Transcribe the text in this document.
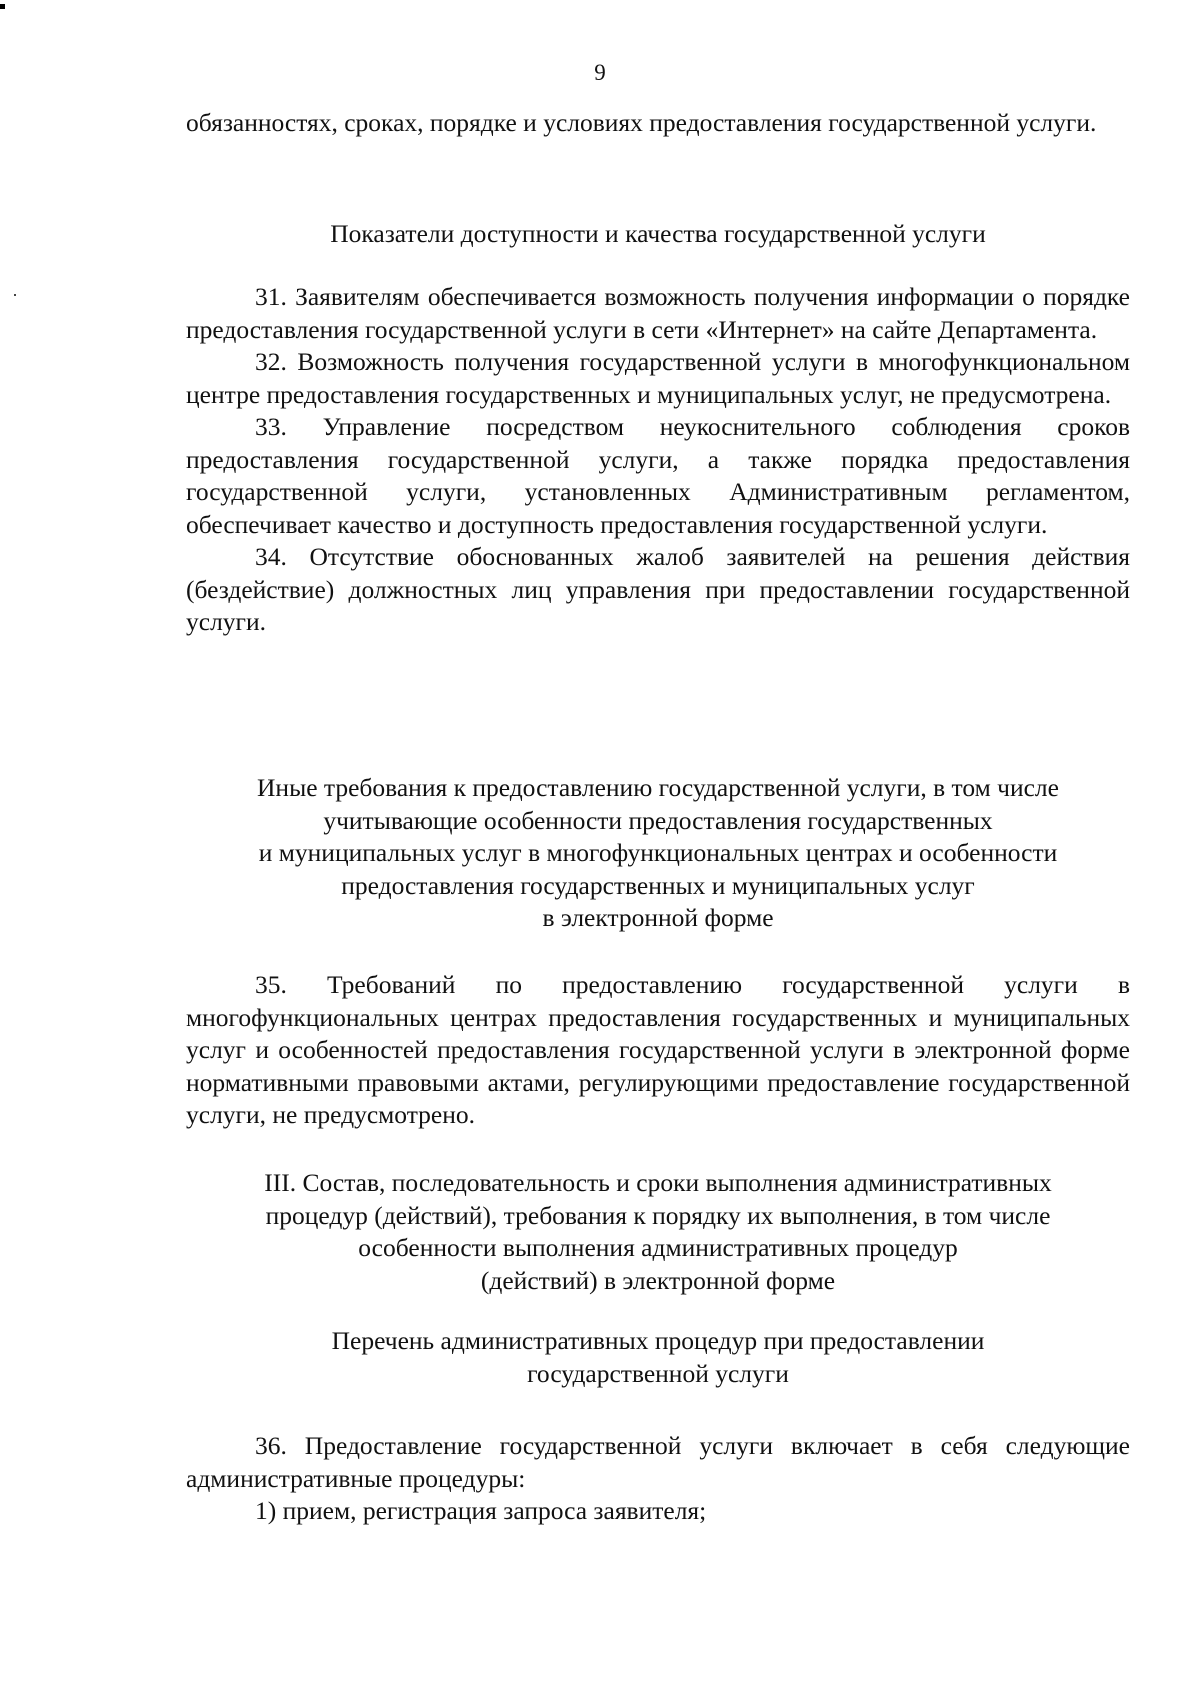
9

обязанностях, сроках, порядке и условиях предоставления государственной услуги.

Показатели доступности и качества государственной услуги

31. Заявителям обеспечивается возможность получения информации о порядке предоставления государственной услуги в сети «Интернет» на сайте Департамента.

32. Возможность получения государственной услуги в многофункциональном центре предоставления государственных и муниципальных услуг, не предусмотрена.

33. Управление посредством неукоснительного соблюдения сроков предоставления государственной услуги, а также порядка предоставления государственной услуги, установленных Административным регламентом, обеспечивает качество и доступность предоставления государственной услуги.

34. Отсутствие обоснованных жалоб заявителей на решения действия (бездействие) должностных лиц управления при предоставлении государственной услуги.

Иные требования к предоставлению государственной услуги, в том числе
учитывающие особенности предоставления государственных
и муниципальных услуг в многофункциональных центрах и особенности
предоставления государственных и муниципальных услуг
в электронной форме

35. Требований по предоставлению государственной услуги в многофункциональных центрах предоставления государственных и муниципальных услуг и особенностей предоставления государственной услуги в электронной форме нормативными правовыми актами, регулирующими предоставление государственной услуги, не предусмотрено.

III. Состав, последовательность и сроки выполнения административных
процедур (действий), требования к порядку их выполнения, в том числе
особенности выполнения административных процедур
(действий) в электронной форме
Перечень административных процедур при предоставлении
государственной услуги

36. Предоставление государственной услуги включает в себя следующие административные процедуры:

1) прием, регистрация запроса заявителя;
